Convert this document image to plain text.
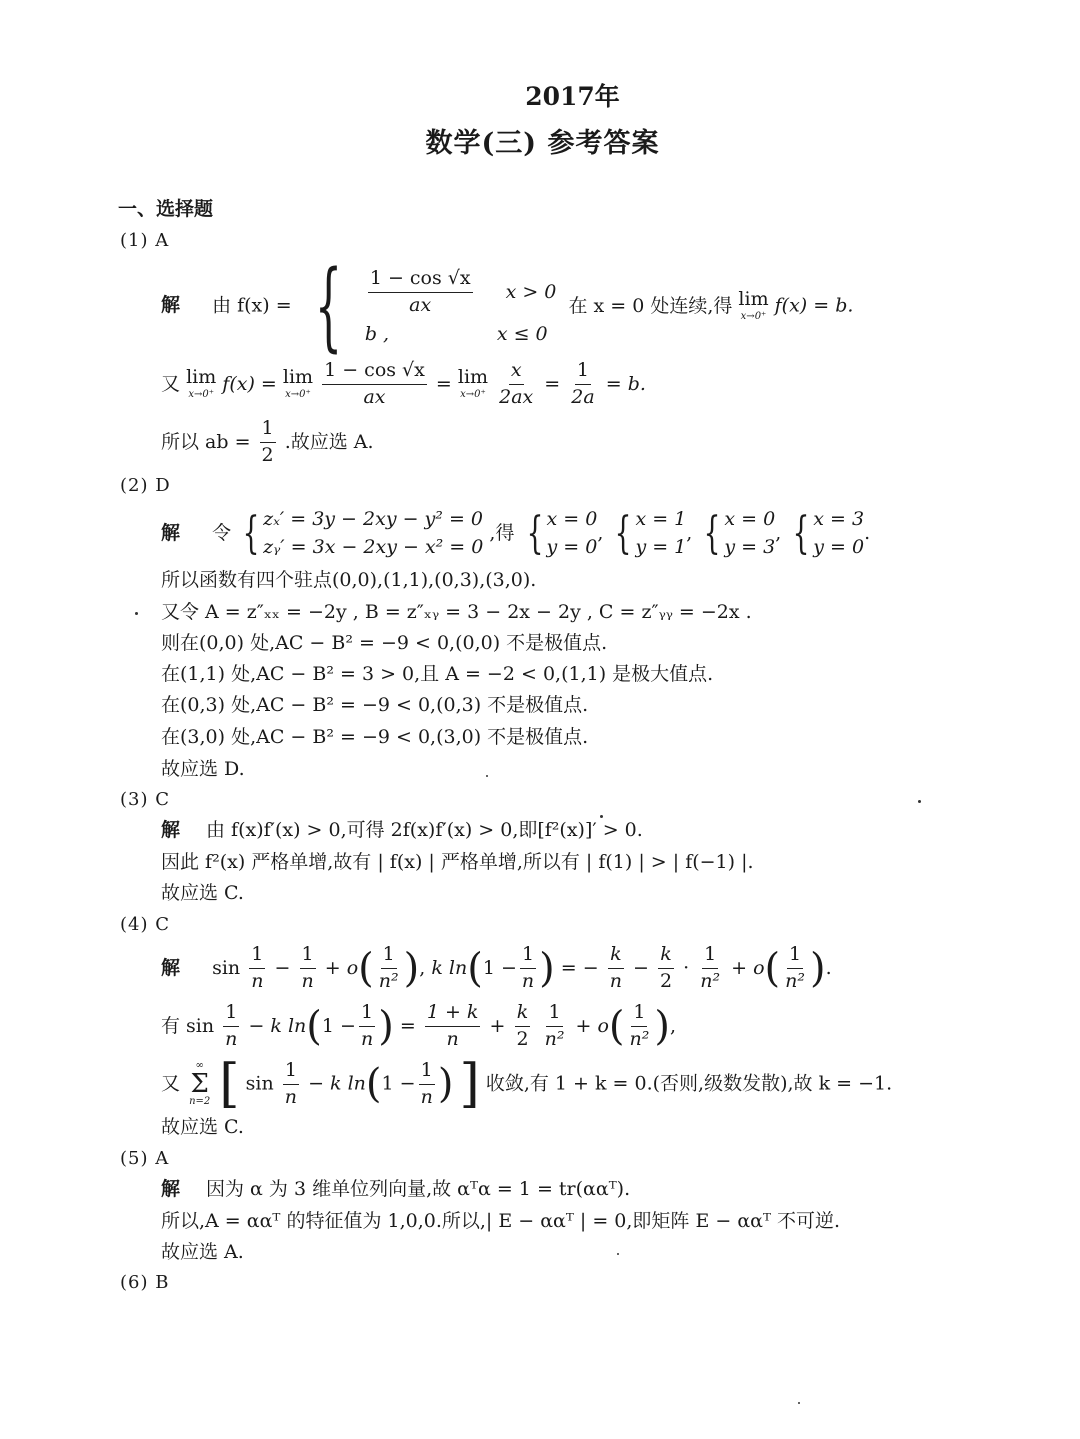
2017年
数学(三) 参考答案
一、选择题
(1) A
解 由 f(x) = { $\frac{1 - \cos √x}{ax}$ x > 0
b ,	x ≤ 0
在 x = 0 处连续,得 lim
x→0⁺ f(x) = b.
又 lim
x→0⁺ f(x) = lim
x→0⁺
$\frac{1 - \cos √x}{ax} = \lim$
x→0⁺
$\frac{x}{2ax} = \frac{1}{2a} = b$.
所以 ab = $\frac{1}{2}$ .故应选 A.
(2) D
解 令 { zₓ′ = 3y − 2xy − y² = 0
zᵧ′ = 3x − 2xy − x² = 0
,得 { x = 0
y = 0
, { x = 1
y = 1
, { x = 0
y = 3
, { x = 3
y = 0
.
所以函数有四个驻点(0,0),(1,1),(0,3),(3,0).
又令 A = z″ₓₓ = −2y , B = z″ₓᵧ = 3 − 2x − 2y , C = z″ᵧᵧ = −2x .
则在(0,0) 处,AC − B² = −9 < 0,(0,0) 不是极值点.
在(1,1) 处,AC − B² = 3 > 0,且 A = −2 < 0,(1,1) 是极大值点.
在(0,3) 处,AC − B² = −9 < 0,(0,3) 不是极值点.
在(3,0) 处,AC − B² = −9 < 0,(3,0) 不是极值点.
故应选 D.
(3) C
解 由 f(x)f′(x) > 0,可得 2f(x)f′(x) > 0,即[f²(x)]′ > 0.
因此 f²(x) 严格单增,故有 | f(x) | 严格单增,所以有 | f(1) | > | f(−1) |.
故应选 C.
(4) C
解 $\sin \frac{1}{n} - \frac{1}{n} + o( \frac{1}{\text{n²}}$ ), k $\ln(1 - \frac{1}{n}$ ) = − $\frac{k}{n} - \frac{k}{2} \cdot \frac{1}{\text{n²}} + o( \frac{1}{\text{n²}}$ ).
有 $\sin \frac{1}{n} - k$ $\ln(1 - \frac{1}{n}$ ) = $\frac{1 + k}{n} + \frac{k}{2}$
$\frac{1}{\text{n²}} + o( \frac{1}{\text{n²}}$ ),
又
∞
Σ
n=2 [ $\sin \frac{1}{n} - k$ $\ln(1 - \frac{1}{n}$ ) ] 收敛,有 1 + k = 0.(否则,级数发散),故 k = −1.
故应选 C.
(5) A
解 因为 α 为 3 维单位列向量,故 αᵀα = 1 = tr(ααᵀ).
所以,A = ααᵀ 的特征值为 1,0,0.所以,| E − ααᵀ | = 0,即矩阵 E − ααᵀ 不可逆.
故应选 A.
(6) B
